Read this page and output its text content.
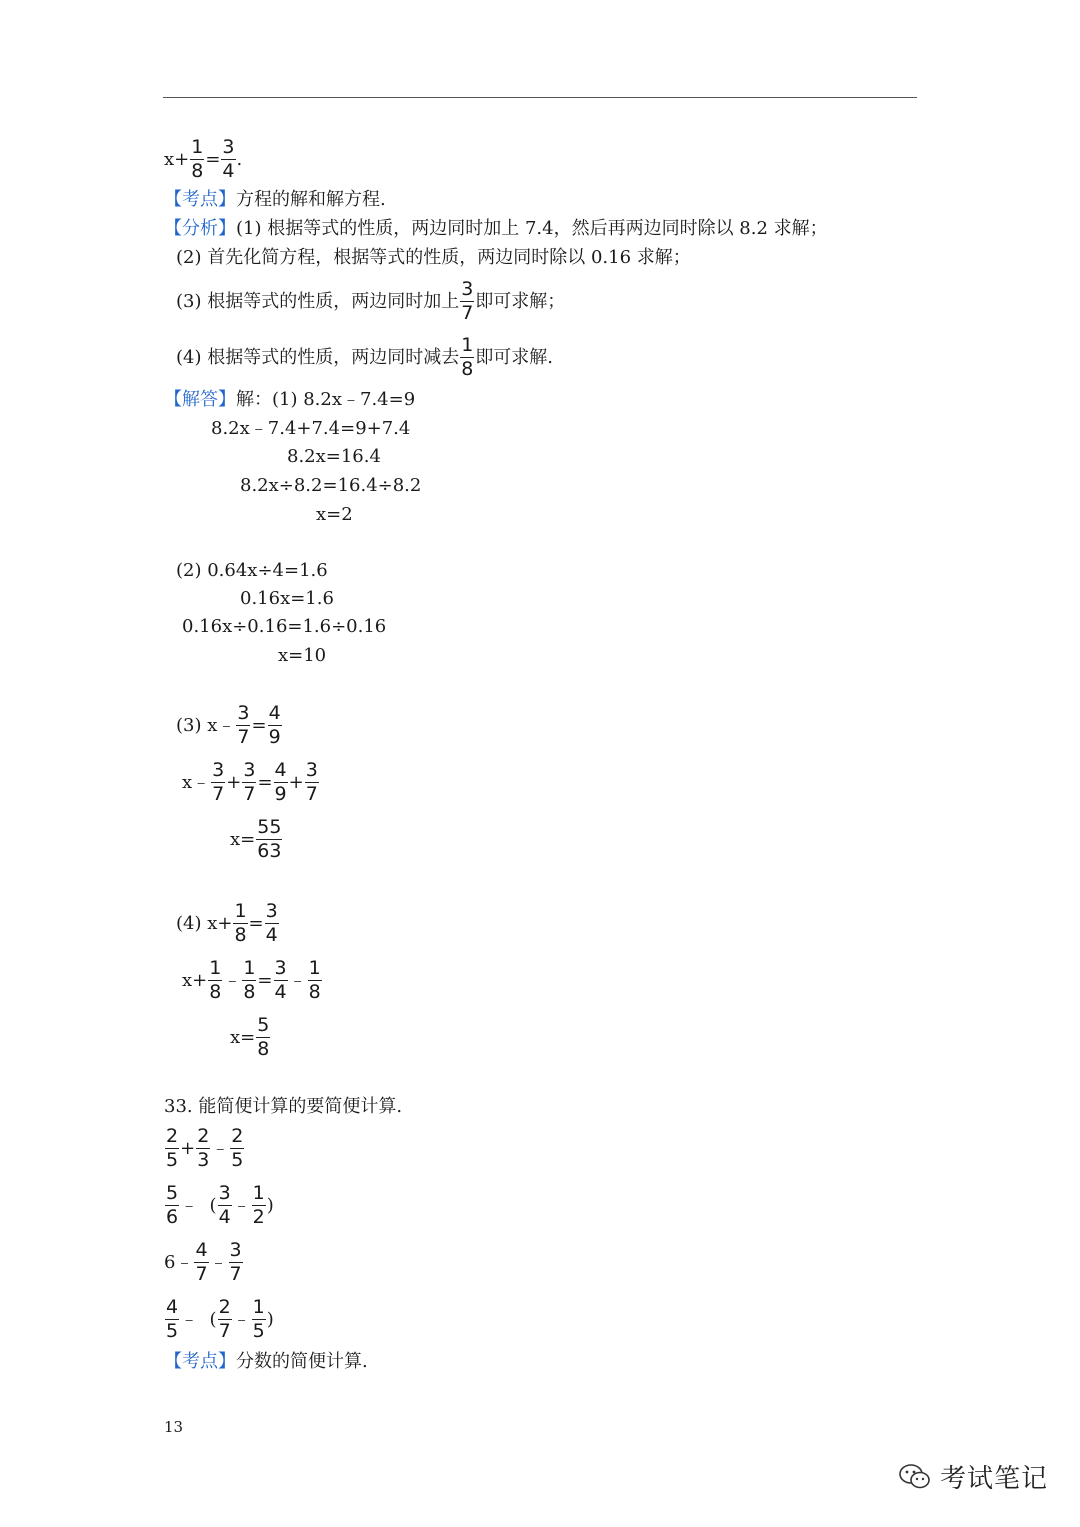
$x+ \frac{1}{8} = \frac{3}{4}$ .
【考点】 方程的解和解方程.
【分析】 (1) 根据等式的性质，两边同时加上 7.4，然后再两边同时除以 8.2 求解；
(2) 首先化简方程，根据等式的性质，两边同时除以 0.16 求解；
(3) 根据等式的性质，两边同时加上 $\frac{3}{7}$ 即可求解；
(4) 根据等式的性质，两边同时减去 $\frac{1}{8}$ 即可求解.
【解答】 解：(1) 8.2x﹣7.4=9
8.2x﹣7.4+7.4=9+7.4
8.2x=16.4
8.2x÷8.2=16.4÷8.2
x=2
(2) 0.64x÷4=1.6
0.16x=1.6
0.16x÷0.16=1.6÷0.16
x=10
(3) x﹣ $\frac{3}{7} = \frac{4}{9}$
x﹣ $\frac{3}{7} + \frac{3}{7} = \frac{4}{9} + \frac{3}{7}$
$x= \frac{55}{63}$
(4) $x+ \frac{1}{8} = \frac{3}{4}$
$x+ \frac{1}{8}$ ﹣ $\frac{1}{8} = \frac{3}{4}$ ﹣ $\frac{1}{8}$
$x= \frac{5}{8}$
33. 能简便计算的要简便计算.
$\frac{2}{5} + \frac{2}{3}$ ﹣ $\frac{2}{5}$
$\frac{5}{6}$ ﹣  ( $\frac{3}{4}$ ﹣ $\frac{1}{2}$ )
6﹣ $\frac{4}{7}$ ﹣ $\frac{3}{7}$
$\frac{4}{5}$ ﹣  ( $\frac{2}{7}$ ﹣ $\frac{1}{5}$ )
【考点】 分数的简便计算.
13
考试笔记
